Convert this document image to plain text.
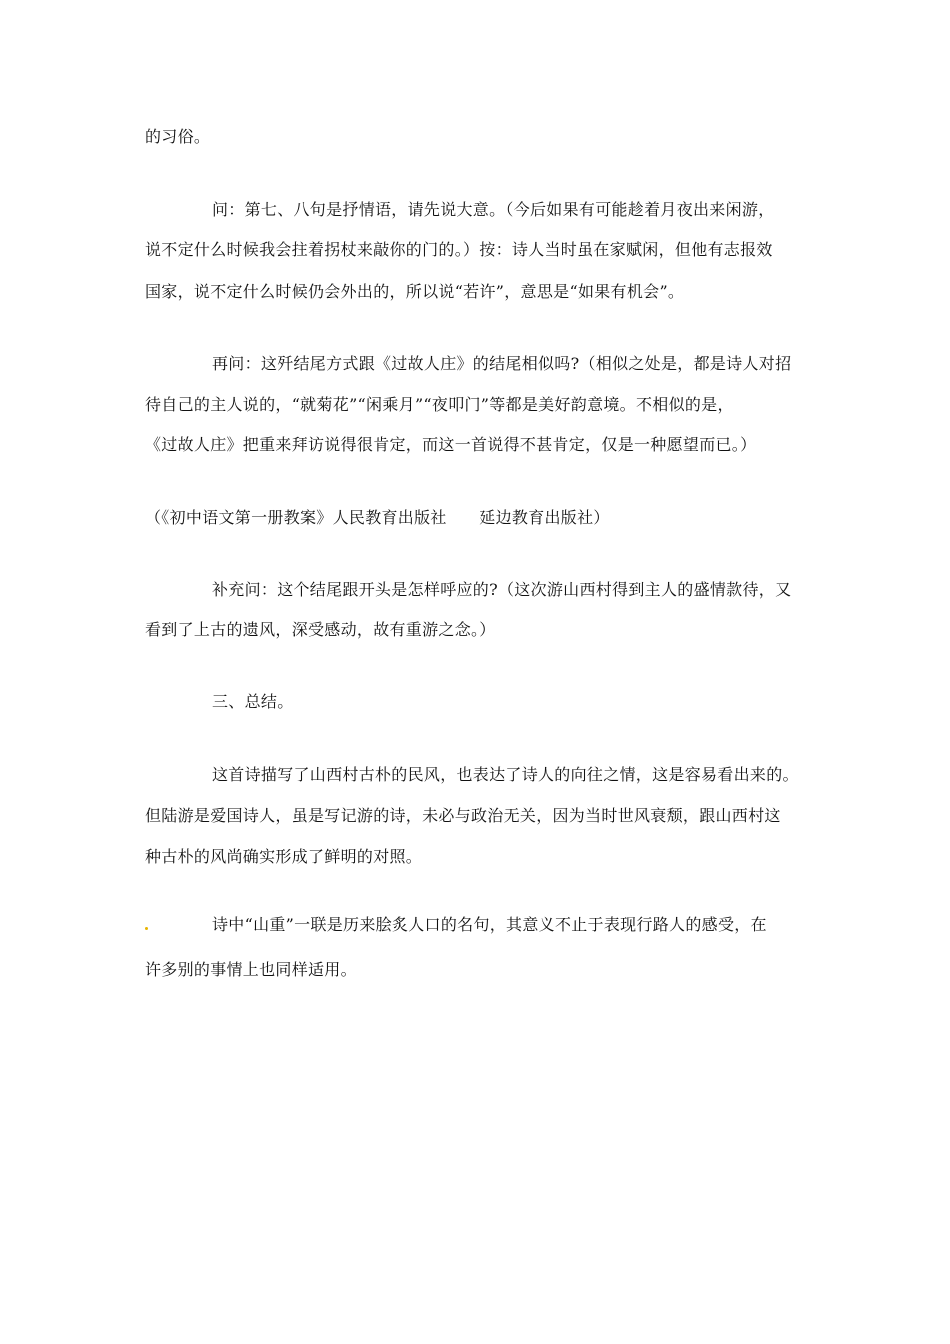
的习俗。
问：第七、八句是抒情语，请先说大意。（今后如果有可能趁着月夜出来闲游，
说不定什么时候我会拄着拐杖来敲你的门的。）按：诗人当时虽在家赋闲，但他有志报效
国家，说不定什么时候仍会外出的，所以说“若许”，意思是“如果有机会”。
再问：这歼结尾方式跟《过故人庄》的结尾相似吗?（相似之处是，都是诗人对招
待自己的主人说的，“就菊花”“闲乘月”“夜叩门”等都是美好韵意境。不相似的是，
《过故人庄》把重来拜访说得很肯定，而这一首说得不甚肯定，仅是一种愿望而已。）
（《初中语文第一册教案》人民教育出版社　　延边教育出版社）
补充问：这个结尾跟开头是怎样呼应的?（这次游山西村得到主人的盛情款待，又
看到了上古的遗风，深受感动，故有重游之念。）
三、总结。
这首诗描写了山西村古朴的民风，也表达了诗人的向往之情，这是容易看出来的。
但陆游是爱国诗人，虽是写记游的诗，未必与政治无关，因为当时世风衰颓，跟山西村这
种古朴的风尚确实形成了鲜明的对照。
诗中“山重”一联是历来脍炙人口的名句，其意义不止于表现行路人的感受，在
许多别的事情上也同样适用。
